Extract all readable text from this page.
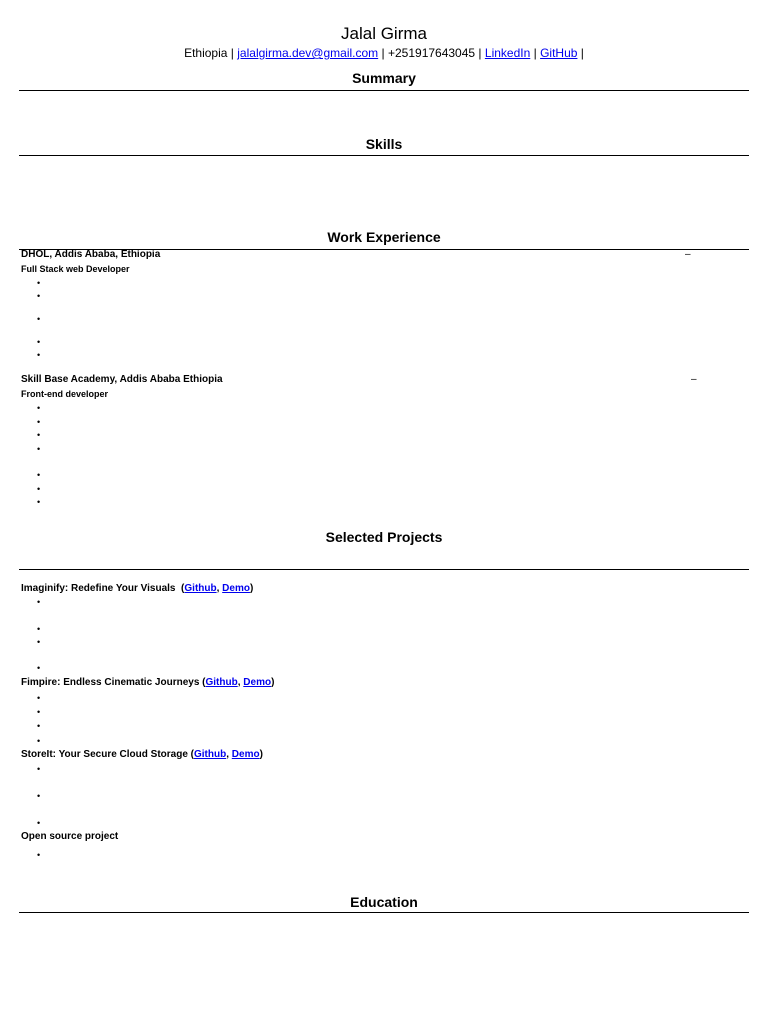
Jalal Girma
Ethiopia | jalalgirma.dev@gmail.com | +251917643045 | LinkedIn | GitHub |
Summary
Skills
Work Experience
DHOL, Addis Ababa, Ethiopia	–
Full Stack web Developer
•
•
•
•
•
Skill Base Academy, Addis Ababa Ethiopia	–
Front-end developer
•
•
•
•
•
•
•
Selected Projects
Imaginify: Redefine Your Visuals  (Github, Demo)
•
•
•
•
Fimpire: Endless Cinematic Journeys (Github, Demo)
•
•
•
•
StoreIt: Your Secure Cloud Storage (Github, Demo)
•
•
•
Open source project
•
Education
